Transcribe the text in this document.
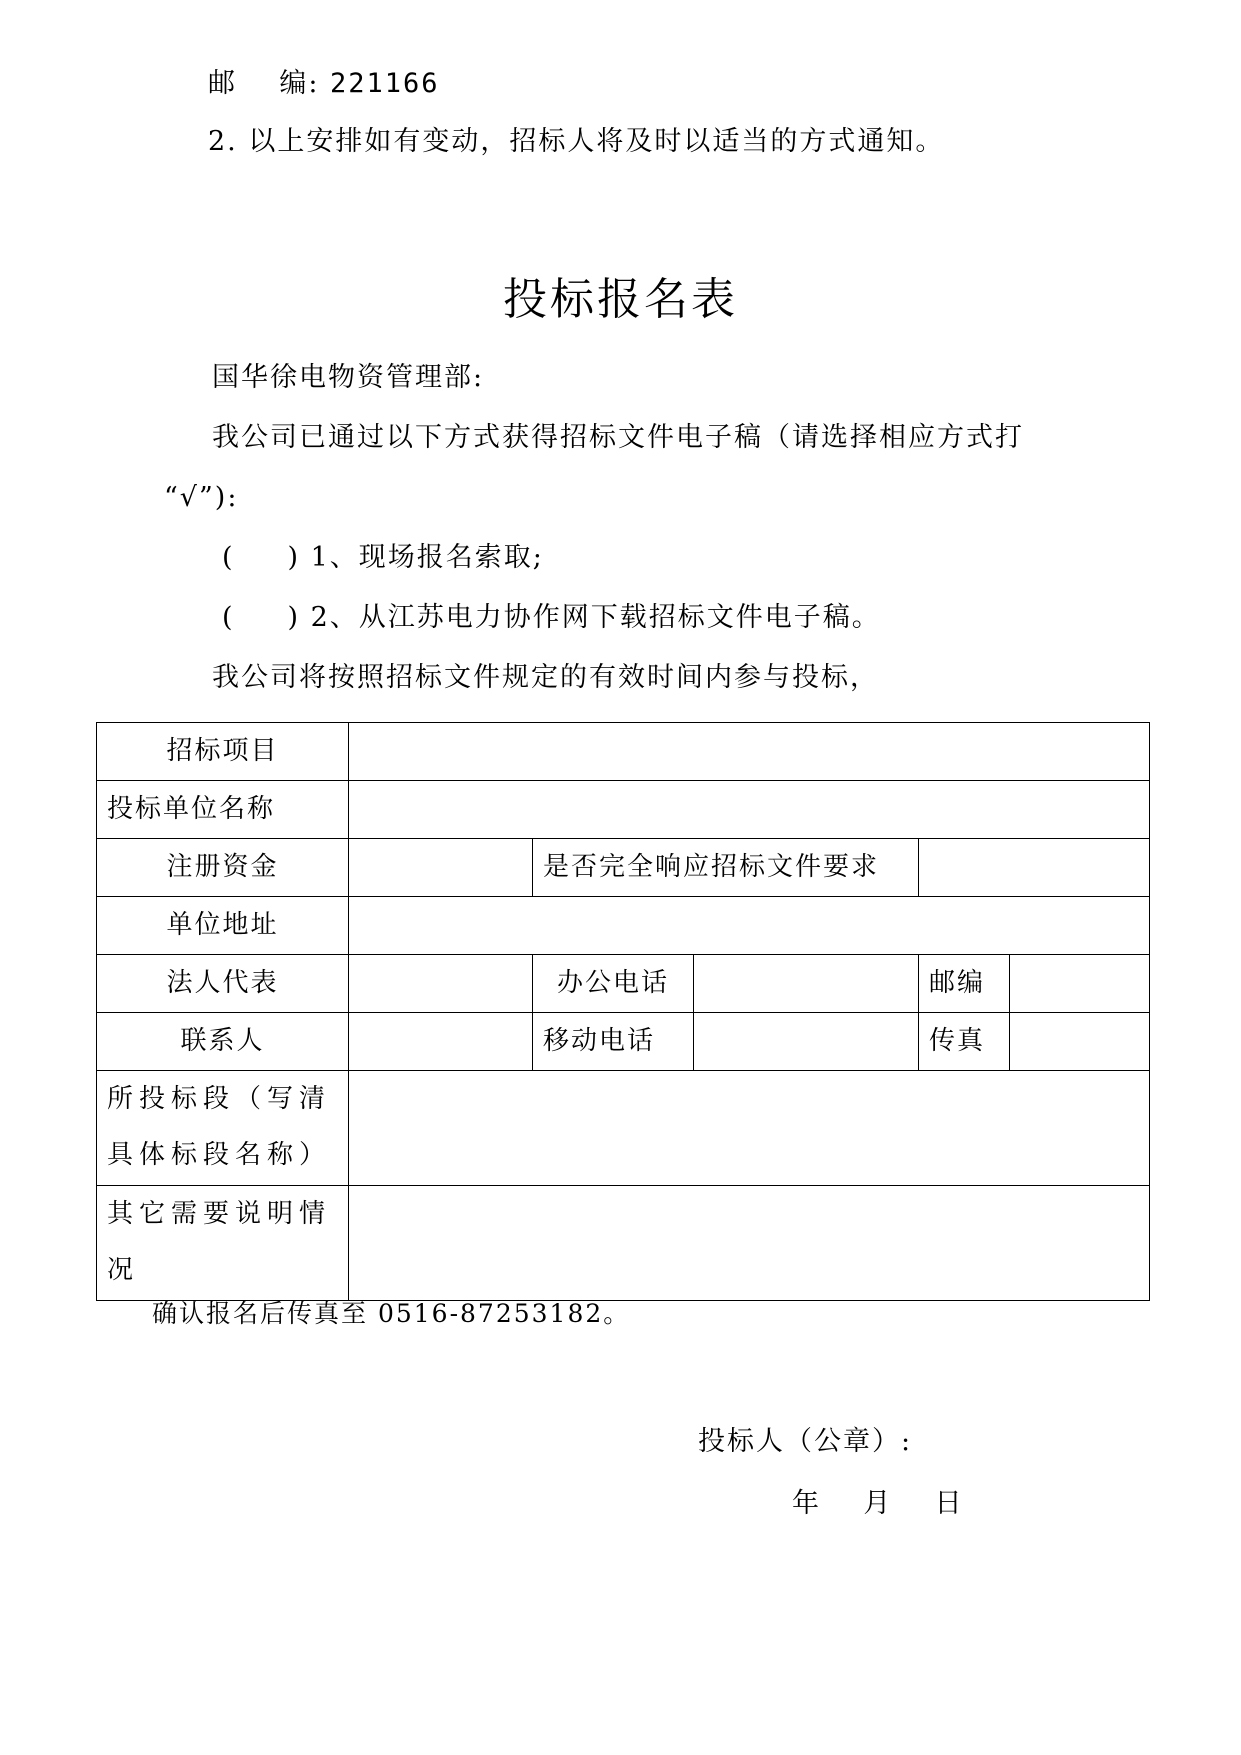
邮    编: 221166
2. 以上安排如有变动，招标人将及时以适当的方式通知。
投标报名表
国华徐电物资管理部:
我公司已通过以下方式获得招标文件电子稿（请选择相应方式打
“√”):
(     ) 1、现场报名索取;
(     ) 2、从江苏电力协作网下载招标文件电子稿。
我公司将按照招标文件规定的有效时间内参与投标，
招标项目					
投标单位名称					
注册资金		是否完全响应招标文件要求			
单位地址					
法人代表		办公电话		邮编	
联系人		移动电话		传真	
所投标段（写清具体标段名称）					
其它需要说明情况					
确认报名后传真至 0516-87253182。
投标人（公章）:
年    月    日
